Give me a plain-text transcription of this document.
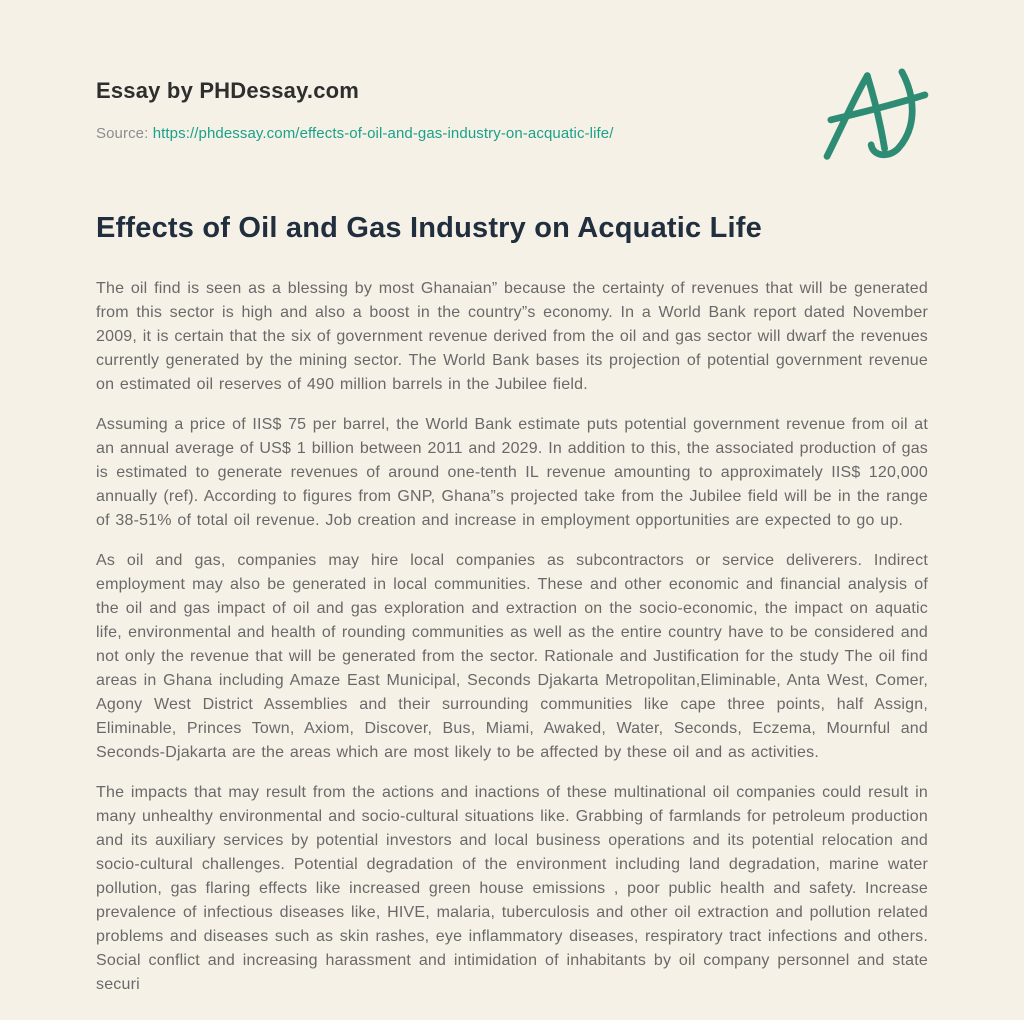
Essay by PHDessay.com
Source: https://phdessay.com/effects-of-oil-and-gas-industry-on-acquatic-life/
Effects of Oil and Gas Industry on Acquatic Life

The oil find is seen as a blessing by most Ghanaian” because the certainty of revenues that will be generated from this sector is high and also a boost in the country”s economy. In a World Bank report dated November 2009, it is certain that the six of government revenue derived from the oil and gas sector will dwarf the revenues currently generated by the mining sector. The World Bank bases its projection of potential government revenue on estimated oil reserves of 490 million barrels in the Jubilee field.

Assuming a price of IIS$ 75 per barrel, the World Bank estimate puts potential government revenue from oil at an annual average of US$ 1 billion between 2011 and 2029. In addition to this, the associated production of gas is estimated to generate revenues of around one-tenth IL revenue amounting to approximately IIS$ 120,000 annually (ref). According to figures from GNP, Ghana”s projected take from the Jubilee field will be in the range of 38-51% of total oil revenue. Job creation and increase in employment opportunities are expected to go up.

As oil and gas, companies may hire local companies as subcontractors or service deliverers. Indirect employment may also be generated in local communities. These and other economic and financial analysis of the oil and gas impact of oil and gas exploration and extraction on the socio-economic, the impact on aquatic life, environmental and health of rounding communities as well as the entire country have to be considered and not only the revenue that will be generated from the sector. Rationale and Justification for the study The oil find areas in Ghana including Amaze East Municipal, Seconds Djakarta Metropolitan,Eliminable, Anta West, Comer, Agony West District Assemblies and their surrounding communities like cape three points, half Assign, Eliminable, Princes Town, Axiom, Discover, Bus, Miami, Awaked, Water, Seconds, Eczema, Mournful and Seconds-Djakarta are the areas which are most likely to be affected by these oil and as activities.

The impacts that may result from the actions and inactions of these multinational oil companies could result in many unhealthy environmental and socio-cultural situations like. Grabbing of farmlands for petroleum production and its auxiliary services by potential investors and local business operations and its potential relocation and socio-cultural challenges. Potential degradation of the environment including land degradation, marine water pollution, gas flaring effects like increased green house emissions , poor public health and safety. Increase prevalence of infectious diseases like, HIVE, malaria, tuberculosis and other oil extraction and pollution related problems and diseases such as skin rashes, eye inflammatory diseases, respiratory tract infections and others. Social conflict and increasing harassment and intimidation of inhabitants by oil company personnel and state securi
